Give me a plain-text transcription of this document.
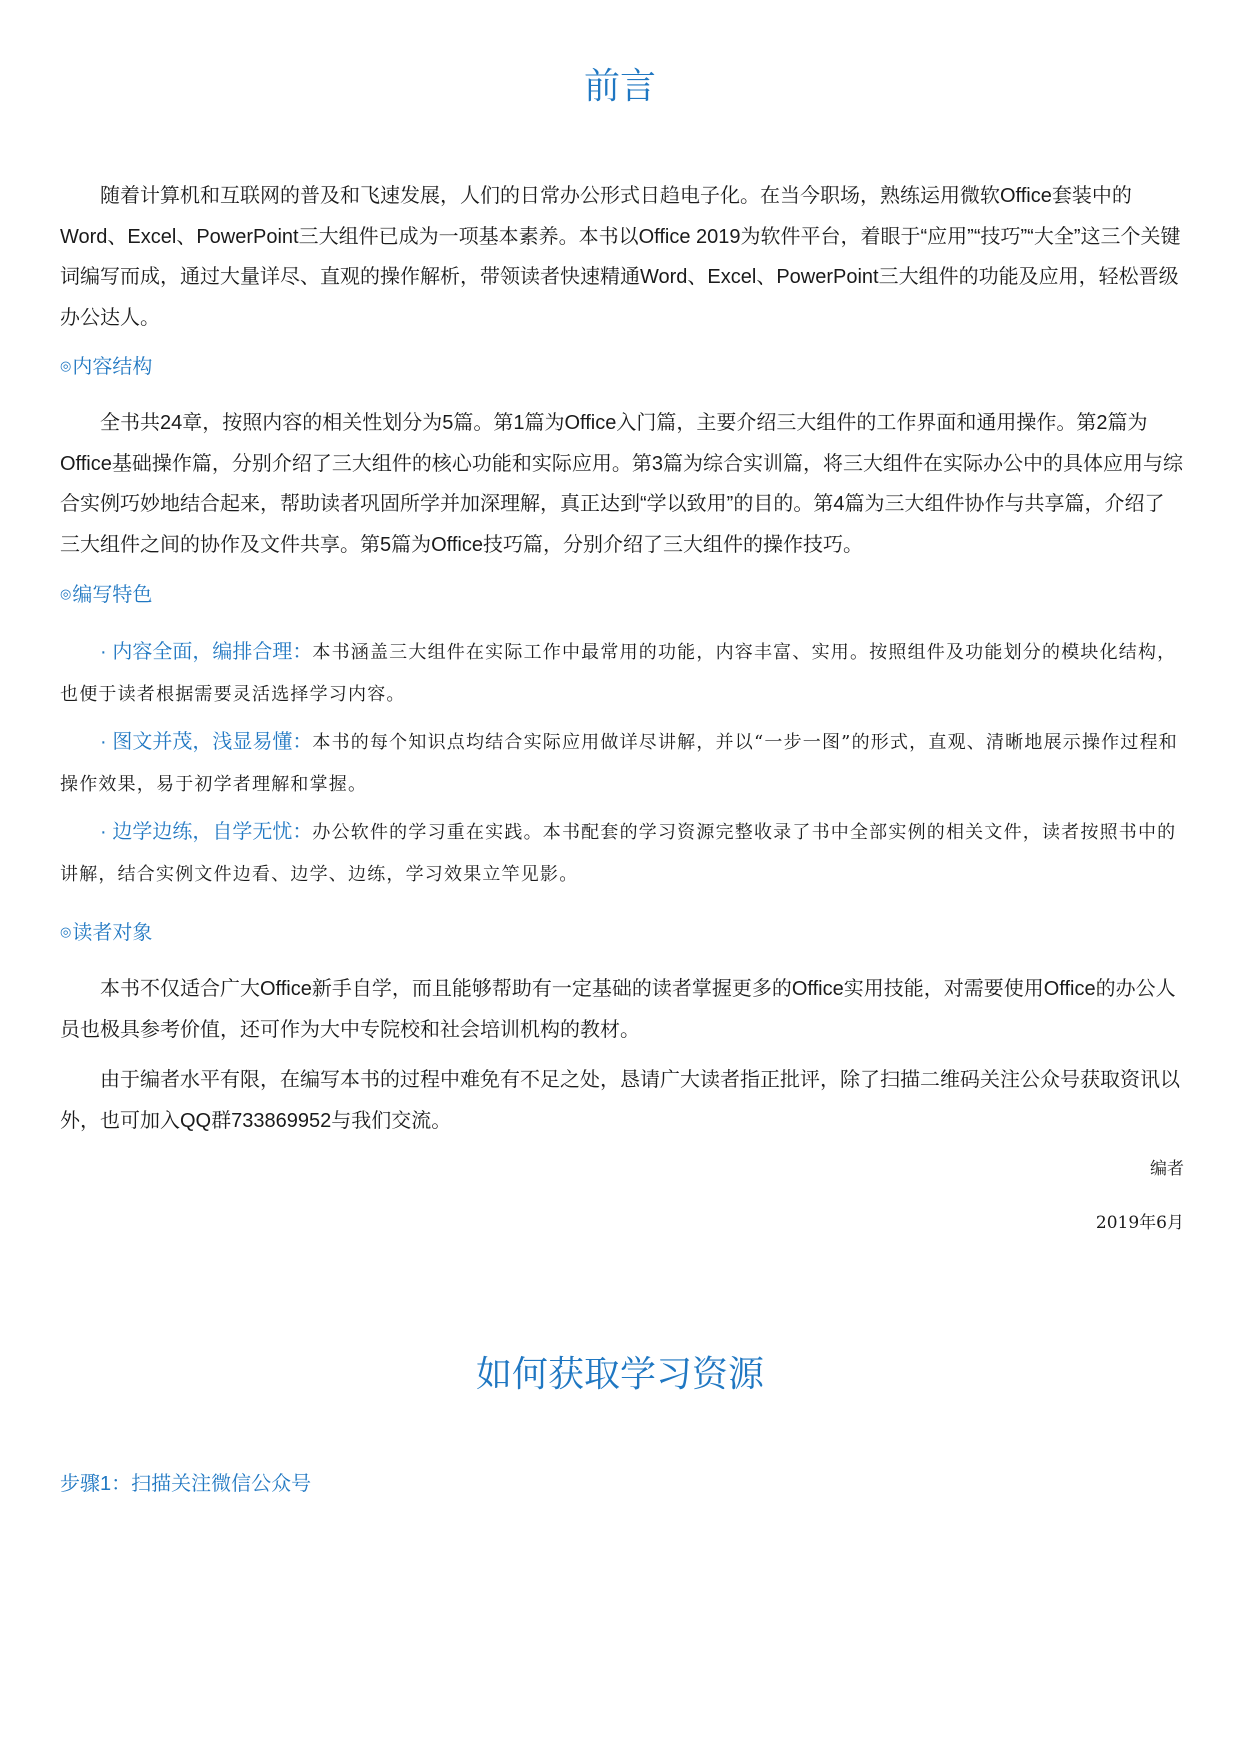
前言

随着计算机和互联网的普及和飞速发展，人们的日常办公形式日趋电子化。在当今职场，熟练运用微软Office套装中的Word、Excel、PowerPoint三大组件已成为一项基本素养。本书以Office 2019为软件平台，着眼于“应用”“技巧”“大全”这三个关键词编写而成，通过大量详尽、直观的操作解析，带领读者快速精通Word、Excel、PowerPoint三大组件的功能及应用，轻松晋级办公达人。

◎内容结构

全书共24章，按照内容的相关性划分为5篇。第1篇为Office入门篇，主要介绍三大组件的工作界面和通用操作。第2篇为Office基础操作篇，分别介绍了三大组件的核心功能和实际应用。第3篇为综合实训篇，将三大组件在实际办公中的具体应用与综合实例巧妙地结合起来，帮助读者巩固所学并加深理解，真正达到“学以致用”的目的。第4篇为三大组件协作与共享篇，介绍了三大组件之间的协作及文件共享。第5篇为Office技巧篇，分别介绍了三大组件的操作技巧。

◎编写特色

· 内容全面，编排合理：本书涵盖三大组件在实际工作中最常用的功能，内容丰富、实用。按照组件及功能划分的模块化结构，也便于读者根据需要灵活选择学习内容。

· 图文并茂，浅显易懂：本书的每个知识点均结合实际应用做详尽讲解，并以“一步一图”的形式，直观、清晰地展示操作过程和操作效果，易于初学者理解和掌握。

· 边学边练，自学无忧：办公软件的学习重在实践。本书配套的学习资源完整收录了书中全部实例的相关文件，读者按照书中的讲解，结合实例文件边看、边学、边练，学习效果立竿见影。

◎读者对象

本书不仅适合广大Office新手自学，而且能够帮助有一定基础的读者掌握更多的Office实用技能，对需要使用Office的办公人员也极具参考价值，还可作为大中专院校和社会培训机构的教材。

由于编者水平有限，在编写本书的过程中难免有不足之处，恳请广大读者指正批评，除了扫描二维码关注公众号获取资讯以外，也可加入QQ群733869952与我们交流。

编者
2019年6月
如何获取学习资源
步骤1：扫描关注微信公众号
